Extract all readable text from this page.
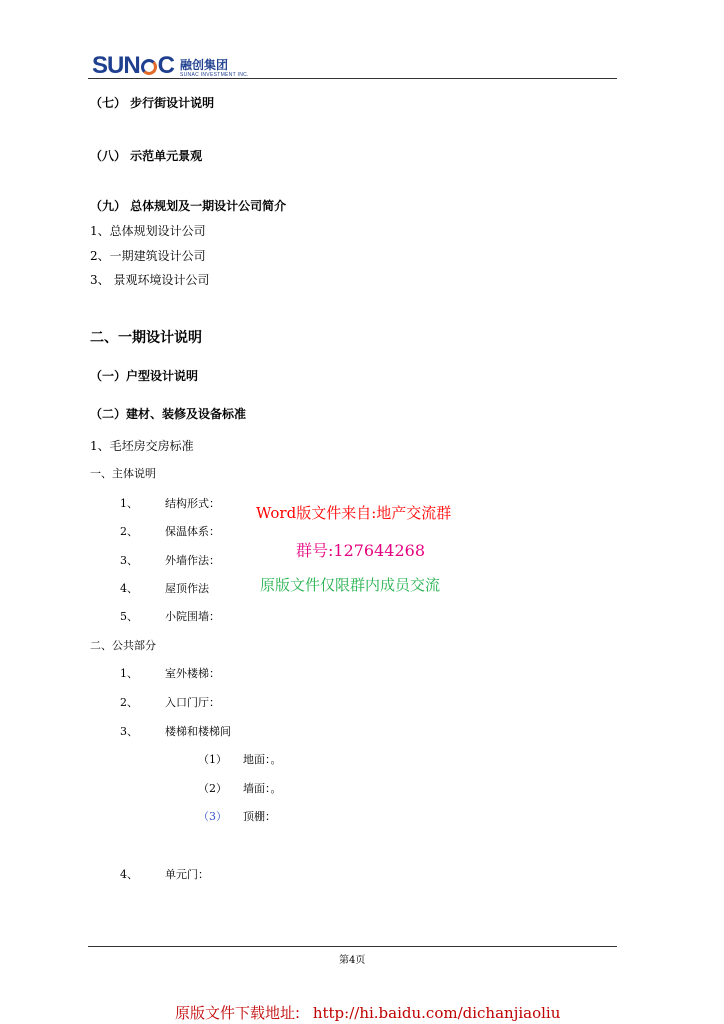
SUN C 融创集团
SUNAC INVESTMENT INC.
（七） 步行街设计说明
（八） 示范单元景观
（九） 总体规划及一期设计公司简介
1、总体规划设计公司
2、一期建筑设计公司
3、 景观环境设计公司
二、一期设计说明
（一）户型设计说明
（二）建材、装修及设备标准
1、毛坯房交房标准
一、主体说明
1、 结构形式：
2、 保温体系：
3、 外墙作法：
4、 屋顶作法
5、 小院围墙：
二、公共部分
1、 室外楼梯：
2、 入口门厅：
3、 楼梯和楼梯间
（1） 地面：。
（2） 墙面：。
（3） 顶棚：
4、 单元门：
Word版文件来自:地产交流群
群号:127644268
原版文件仅限群内成员交流
第4页
原版文件下载地址: http://hi.baidu.com/dichanjiaoliu
